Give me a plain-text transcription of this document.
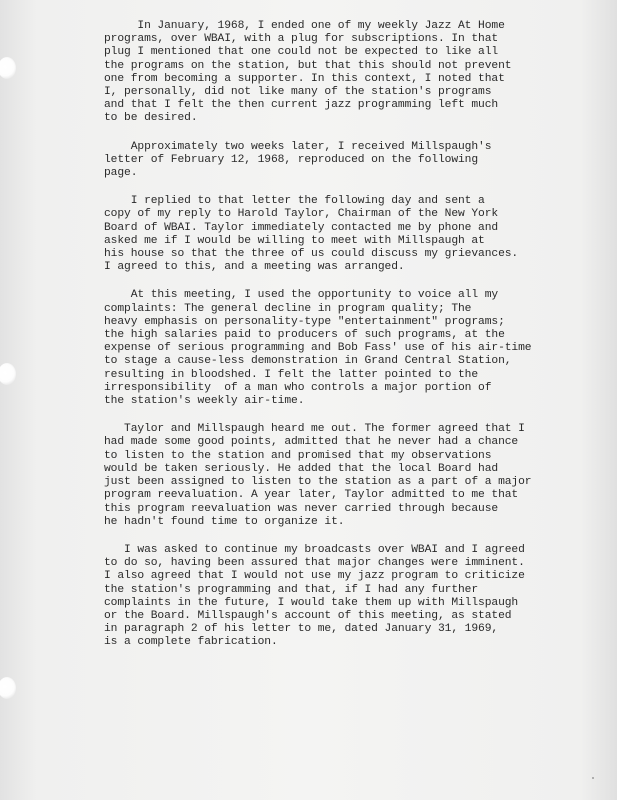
In January, 1968, I ended one of my weekly Jazz At Home
programs, over WBAI, with a plug for subscriptions. In that
plug I mentioned that one could not be expected to like all
the programs on the station, but that this should not prevent
one from becoming a supporter. In this context, I noted that
I, personally, did not like many of the station's programs
and that I felt the then current jazz programming left much
to be desired.

Approximately two weeks later, I received Millspaugh's
letter of February 12, 1968, reproduced on the following
page.

I replied to that letter the following day and sent a
copy of my reply to Harold Taylor, Chairman of the New York
Board of WBAI. Taylor immediately contacted me by phone and
asked me if I would be willing to meet with Millspaugh at
his house so that the three of us could discuss my grievances.
I agreed to this, and a meeting was arranged.

At this meeting, I used the opportunity to voice all my
complaints: The general decline in program quality; The
heavy emphasis on personality-type "entertainment" programs;
the high salaries paid to producers of such programs, at the
expense of serious programming and Bob Fass' use of his air-time
to stage a cause-less demonstration in Grand Central Station,
resulting in bloodshed. I felt the latter pointed to the
irresponsibility  of a man who controls a major portion of
the station's weekly air-time.

Taylor and Millspaugh heard me out. The former agreed that I
had made some good points, admitted that he never had a chance
to listen to the station and promised that my observations
would be taken seriously. He added that the local Board had
just been assigned to listen to the station as a part of a major
program reevaluation. A year later, Taylor admitted to me that
this program reevaluation was never carried through because
he hadn't found time to organize it.

I was asked to continue my broadcasts over WBAI and I agreed
to do so, having been assured that major changes were imminent.
I also agreed that I would not use my jazz program to criticize
the station's programming and that, if I had any further
complaints in the future, I would take them up with Millspaugh
or the Board. Millspaugh's account of this meeting, as stated
in paragraph 2 of his letter to me, dated January 31, 1969,
is a complete fabrication.
